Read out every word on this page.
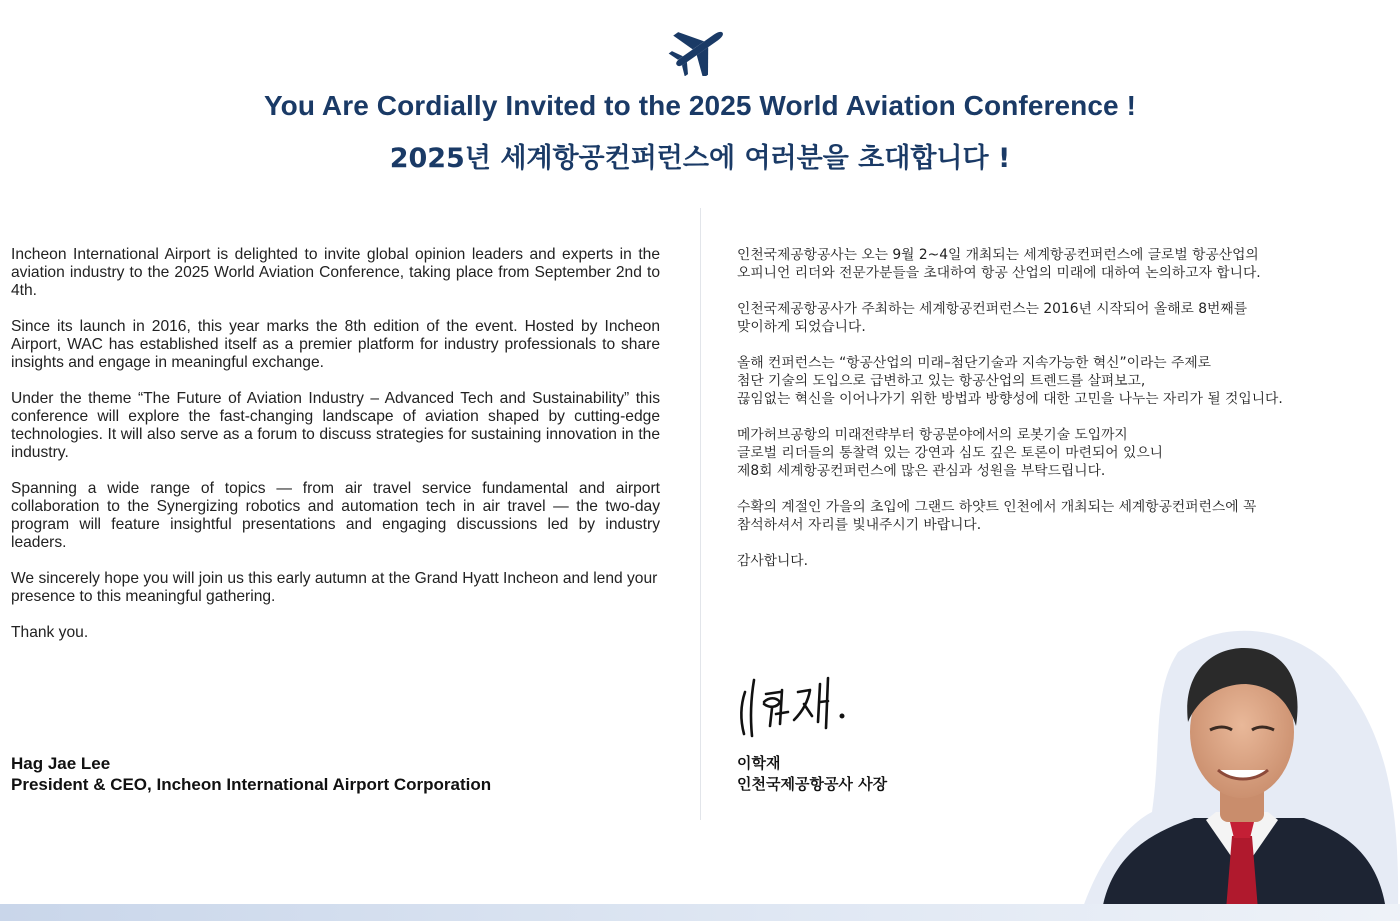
You Are Cordially Invited to the 2025 World Aviation Conference !
2025년 세계항공컨퍼런스에 여러분을 초대합니다 !

Incheon International Airport is delighted to invite global opinion leaders and experts in the aviation industry to the 2025 World Aviation Conference, taking place from September 2nd to 4th.

Since its launch in 2016, this year marks the 8th edition of the event. Hosted by Incheon Airport, WAC has established itself as a premier platform for industry professionals to share insights and engage in meaningful exchange.

Under the theme “The Future of Aviation Industry – Advanced Tech and Sustainability” this conference will explore the fast-changing landscape of aviation shaped by cutting-edge technologies. It will also serve as a forum to discuss strategies for sustaining innovation in the industry.

Spanning a wide range of topics — from air travel service fundamental and airport collaboration to the Synergizing robotics and automation tech in air travel — the two-day program will feature insightful presentations and engaging discussions led by industry leaders.

We sincerely hope you will join us this early autumn at the Grand Hyatt Incheon and lend your presence to this meaningful gathering.

Thank you.

인천국제공항공사는 오는 9월 2~4일 개최되는 세계항공컨퍼런스에 글로벌 항공산업의
오피니언 리더와 전문가분들을 초대하여 항공 산업의 미래에 대하여 논의하고자 합니다.

인천국제공항공사가 주최하는 세계항공컨퍼런스는 2016년 시작되어 올해로 8번째를
맞이하게 되었습니다.

올해 컨퍼런스는 “항공산업의 미래–첨단기술과 지속가능한 혁신”이라는 주제로
첨단 기술의 도입으로 급변하고 있는 항공산업의 트렌드를 살펴보고,
끊임없는 혁신을 이어나가기 위한 방법과 방향성에 대한 고민을 나누는 자리가 될 것입니다.

메가허브공항의 미래전략부터 항공분야에서의 로봇기술 도입까지
글로벌 리더들의 통찰력 있는 강연과 심도 깊은 토론이 마련되어 있으니
제8회 세계항공컨퍼런스에 많은 관심과 성원을 부탁드립니다.

수확의 계절인 가을의 초입에 그랜드 하얏트 인천에서 개최되는 세계항공컨퍼런스에 꼭
참석하셔서 자리를 빛내주시기 바랍니다.

감사합니다.

Hag Jae Lee
President & CEO, Incheon International Airport Corporation
이학재
인천국제공항공사 사장
